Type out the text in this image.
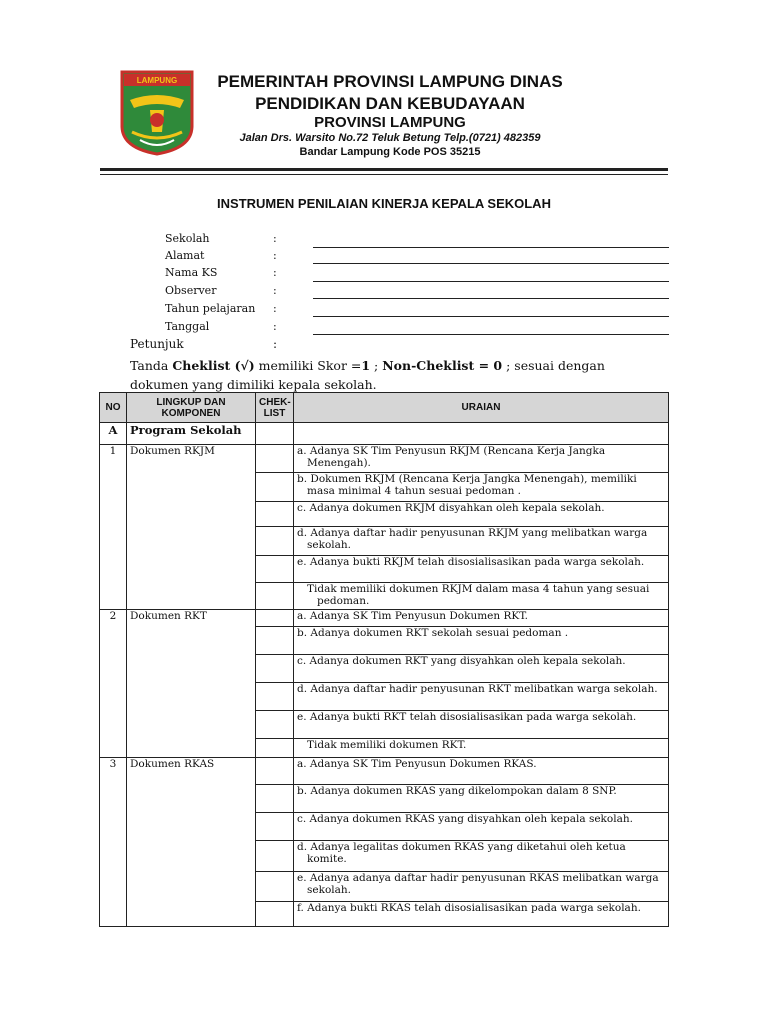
LAMPUNG	PEMERINTAH PROVINSI LAMPUNG DINAS
PENDIDIKAN DAN KEBUDAYAAN
PROVINSI LAMPUNG
Jalan Drs. Warsito No.72 Teluk Betung Telp.(0721) 482359
Bandar Lampung Kode POS 35215
INSTRUMEN PENILAIAN KINERJA KEPALA SEKOLAH
Sekolah	:
Alamat	:
Nama KS	:
Observer	:
Tahun pelajaran :
Tanggal	:
Petunjuk	:
Tanda Cheklist (√) memiliki Skor =1 ; Non-Cheklist = 0 ; sesuai dengan dokumen yang dimiliki kepala sekolah.
NO	LINGKUP DAN KOMPONEN	CHEK-LIST	URAIAN
A	Program Sekolah		
1	Dokumen RKJM		a. Adanya SK Tim Penyusun RKJM (Rencana Kerja Jangka Menengah).

			b. Dokumen RKJM (Rencana Kerja Jangka Menengah), memiliki masa minimal 4 tahun sesuai pedoman .

			c. Adanya dokumen RKJM disyahkan oleh kepala sekolah.

			d. Adanya daftar hadir penyusunan RKJM yang melibatkan warga sekolah.

			e. Adanya bukti RKJM telah disosialisasikan pada warga sekolah.

			Tidak memiliki dokumen RKJM dalam masa 4 tahun yang sesuai pedoman.

2	Dokumen RKT		a. Adanya SK Tim Penyusun Dokumen RKT.

			b. Adanya dokumen RKT sekolah sesuai pedoman .

			c. Adanya dokumen RKT yang disyahkan oleh kepala sekolah.

			d. Adanya daftar hadir penyusunan RKT melibatkan warga sekolah.

			e. Adanya bukti RKT telah disosialisasikan pada warga sekolah.

			Tidak memiliki dokumen RKT.

3	Dokumen RKAS		a. Adanya SK Tim Penyusun Dokumen RKAS.

			b. Adanya dokumen RKAS yang dikelompokan dalam 8 SNP.

			c. Adanya dokumen RKAS yang disyahkan oleh kepala sekolah.

			d. Adanya legalitas dokumen RKAS yang diketahui oleh ketua komite.

			e. Adanya adanya daftar hadir penyusunan RKAS melibatkan warga sekolah.

			f. Adanya bukti RKAS telah disosialisasikan pada warga sekolah.
